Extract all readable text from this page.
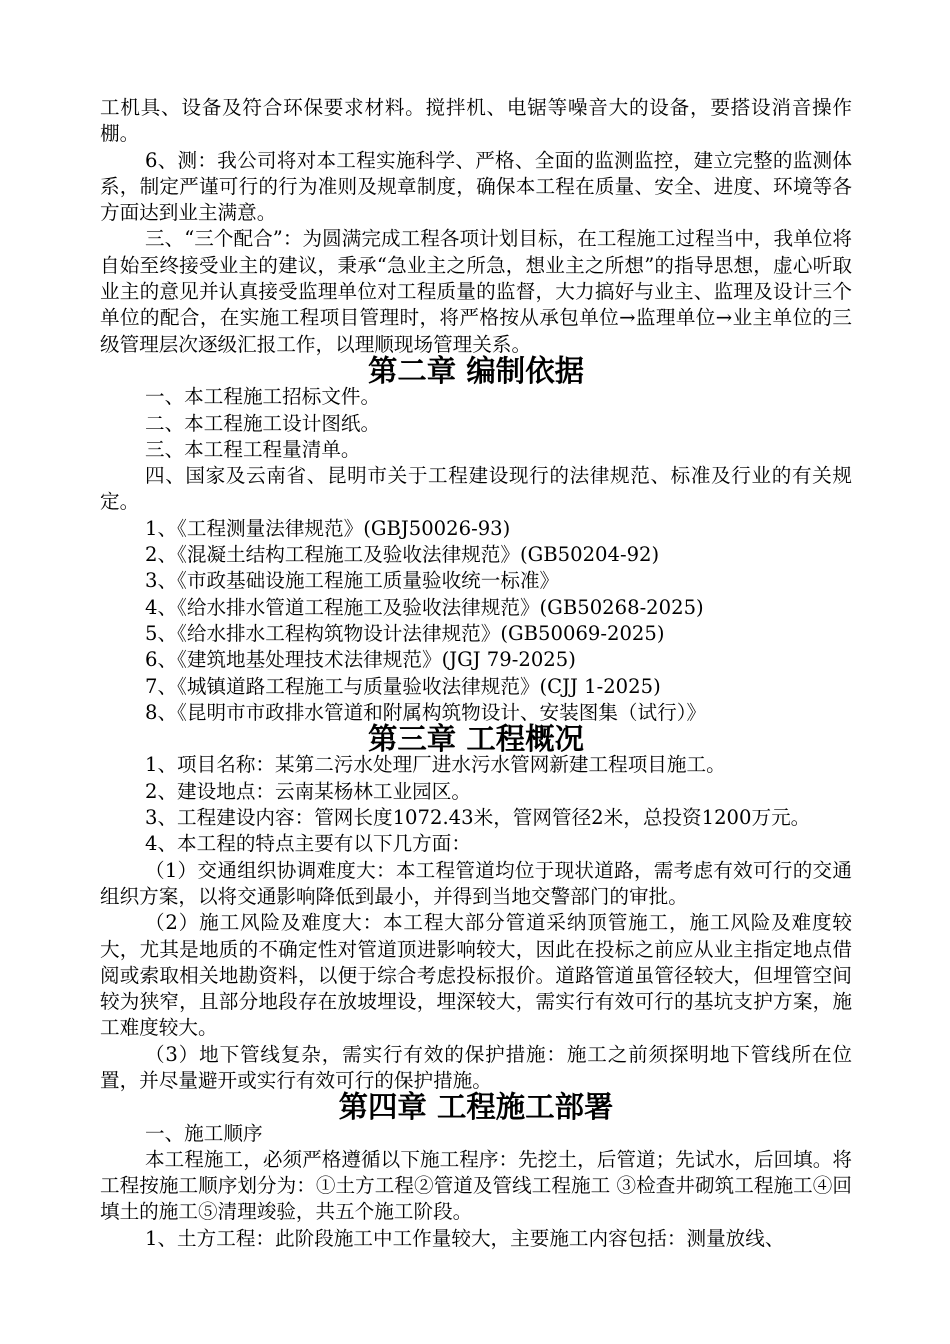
工机具、设备及符合环保要求材料。搅拌机、电锯等噪音大的设备，要搭设消音操作棚。

6、测：我公司将对本工程实施科学、严格、全面的监测监控，建立完整的监测体系，制定严谨可行的行为准则及规章制度，确保本工程在质量、安全、进度、环境等各方面达到业主满意。

三、“三个配合”：为圆满完成工程各项计划目标，在工程施工过程当中，我单位将自始至终接受业主的建议，秉承“急业主之所急，想业主之所想”的指导思想，虚心听取业主的意见并认真接受监理单位对工程质量的监督，大力搞好与业主、监理及设计三个单位的配合，在实施工程项目管理时，将严格按从承包单位→监理单位→业主单位的三级管理层次逐级汇报工作，以理顺现场管理关系。

第二章 编制依据

一、本工程施工招标文件。

二、本工程施工设计图纸。

三、本工程工程量清单。

四、国家及云南省、昆明市关于工程建设现行的法律规范、标准及行业的有关规定。

1、《工程测量法律规范》(GBJ50026-93)

2、《混凝土结构工程施工及验收法律规范》(GB50204-92)

3、《市政基础设施工程施工质量验收统一标准》

4、《给水排水管道工程施工及验收法律规范》(GB50268-2025)

5、《给水排水工程构筑物设计法律规范》(GB50069-2025)

6、《建筑地基处理技术法律规范》(JGJ 79-2025)

7、《城镇道路工程施工与质量验收法律规范》(CJJ 1-2025)

8、《昆明市市政排水管道和附属构筑物设计、安装图集（试行）》

第三章 工程概况

1、项目名称：某第二污水处理厂进水污水管网新建工程项目施工。

2、建设地点：云南某杨林工业园区。

3、工程建设内容：管网长度1072.43米，管网管径2米，总投资1200万元。

4、本工程的特点主要有以下几方面：

（1）交通组织协调难度大：本工程管道均位于现状道路，需考虑有效可行的交通组织方案，以将交通影响降低到最小，并得到当地交警部门的审批。

（2）施工风险及难度大：本工程大部分管道采纳顶管施工，施工风险及难度较大，尤其是地质的不确定性对管道顶进影响较大，因此在投标之前应从业主指定地点借阅或索取相关地勘资料，以便于综合考虑投标报价。道路管道虽管径较大，但埋管空间较为狭窄，且部分地段存在放坡埋设，埋深较大，需实行有效可行的基坑支护方案，施工难度较大。

（3）地下管线复杂，需实行有效的保护措施：施工之前须探明地下管线所在位置，并尽量避开或实行有效可行的保护措施。

第四章 工程施工部署

一、施工顺序

本工程施工，必须严格遵循以下施工程序：先挖土，后管道；先试水，后回填。将工程按施工顺序划分为：①土方工程②管道及管线工程施工 ③检查井砌筑工程施工④回填土的施工⑤清理竣验，共五个施工阶段。

1、土方工程：此阶段施工中工作量较大，主要施工内容包括：测量放线、
